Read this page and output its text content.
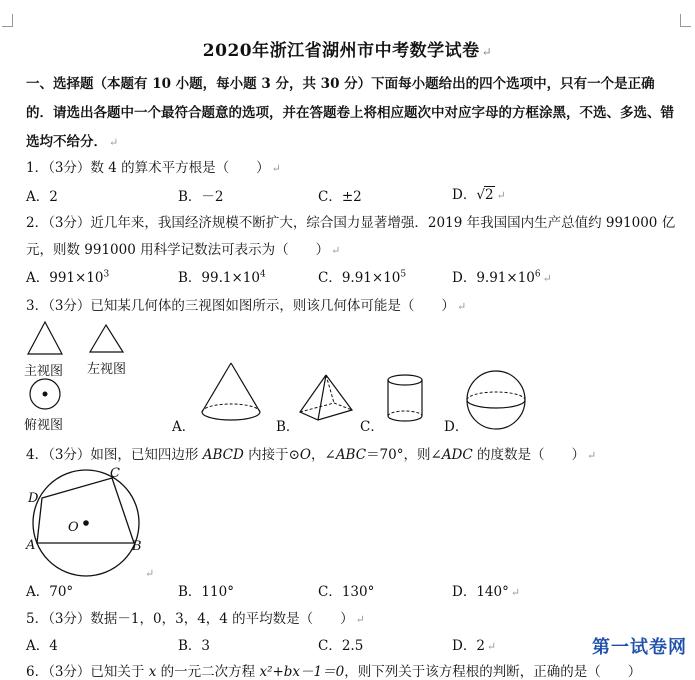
2020年浙江省湖州市中考数学试卷 ↵
一、选择题（本题有 10 小题，每小题 3 分，共 30 分）下面每小题给出的四个选项中，只有一个是正确的．请选出各题中一个最符合题意的选项，并在答题卷上将相应题次中对应字母的方框涂黑，不选、多选、错选均不给分． ↵
1．（3分）数 4 的算术平方根是（　　） ↵
A．2	B．－2	C．±2	D．√2 ↵
2．（3分）近几年来，我国经济规模不断扩大，综合国力显著增强．2019 年我国国内生产总值约 991000 亿
元，则数 991000 用科学记数法可表示为（　　） ↵
A．$991\times 10^3$	B．$99.1\times 10^4$	C．$9.91\times 10^5$	D．$9.91\times 10^6$ ↵
3．（3分）已知某几何体的三视图如图所示，则该几何体可能是（　　） ↵
主视图 左视图
俯视图	A．	B．	C．	D．
4．（3分）如图，已知四边形 ABCD 内接于⊙O，∠ABC＝70°，则∠ADC 的度数是（　　） ↵
A	B
C
D
O
↵
A．70°	B．110°	C．130°	D．140° ↵
5．（3分）数据－1，0，3，4，4 的平均数是（　　） ↵
A．4	B．3	C．2.5	D．2 ↵
6．（3分）已知关于 x 的一元二次方程 x²+bx－1＝0，则下列关于该方程根的判断，正确的是（　　）
第一试卷网
